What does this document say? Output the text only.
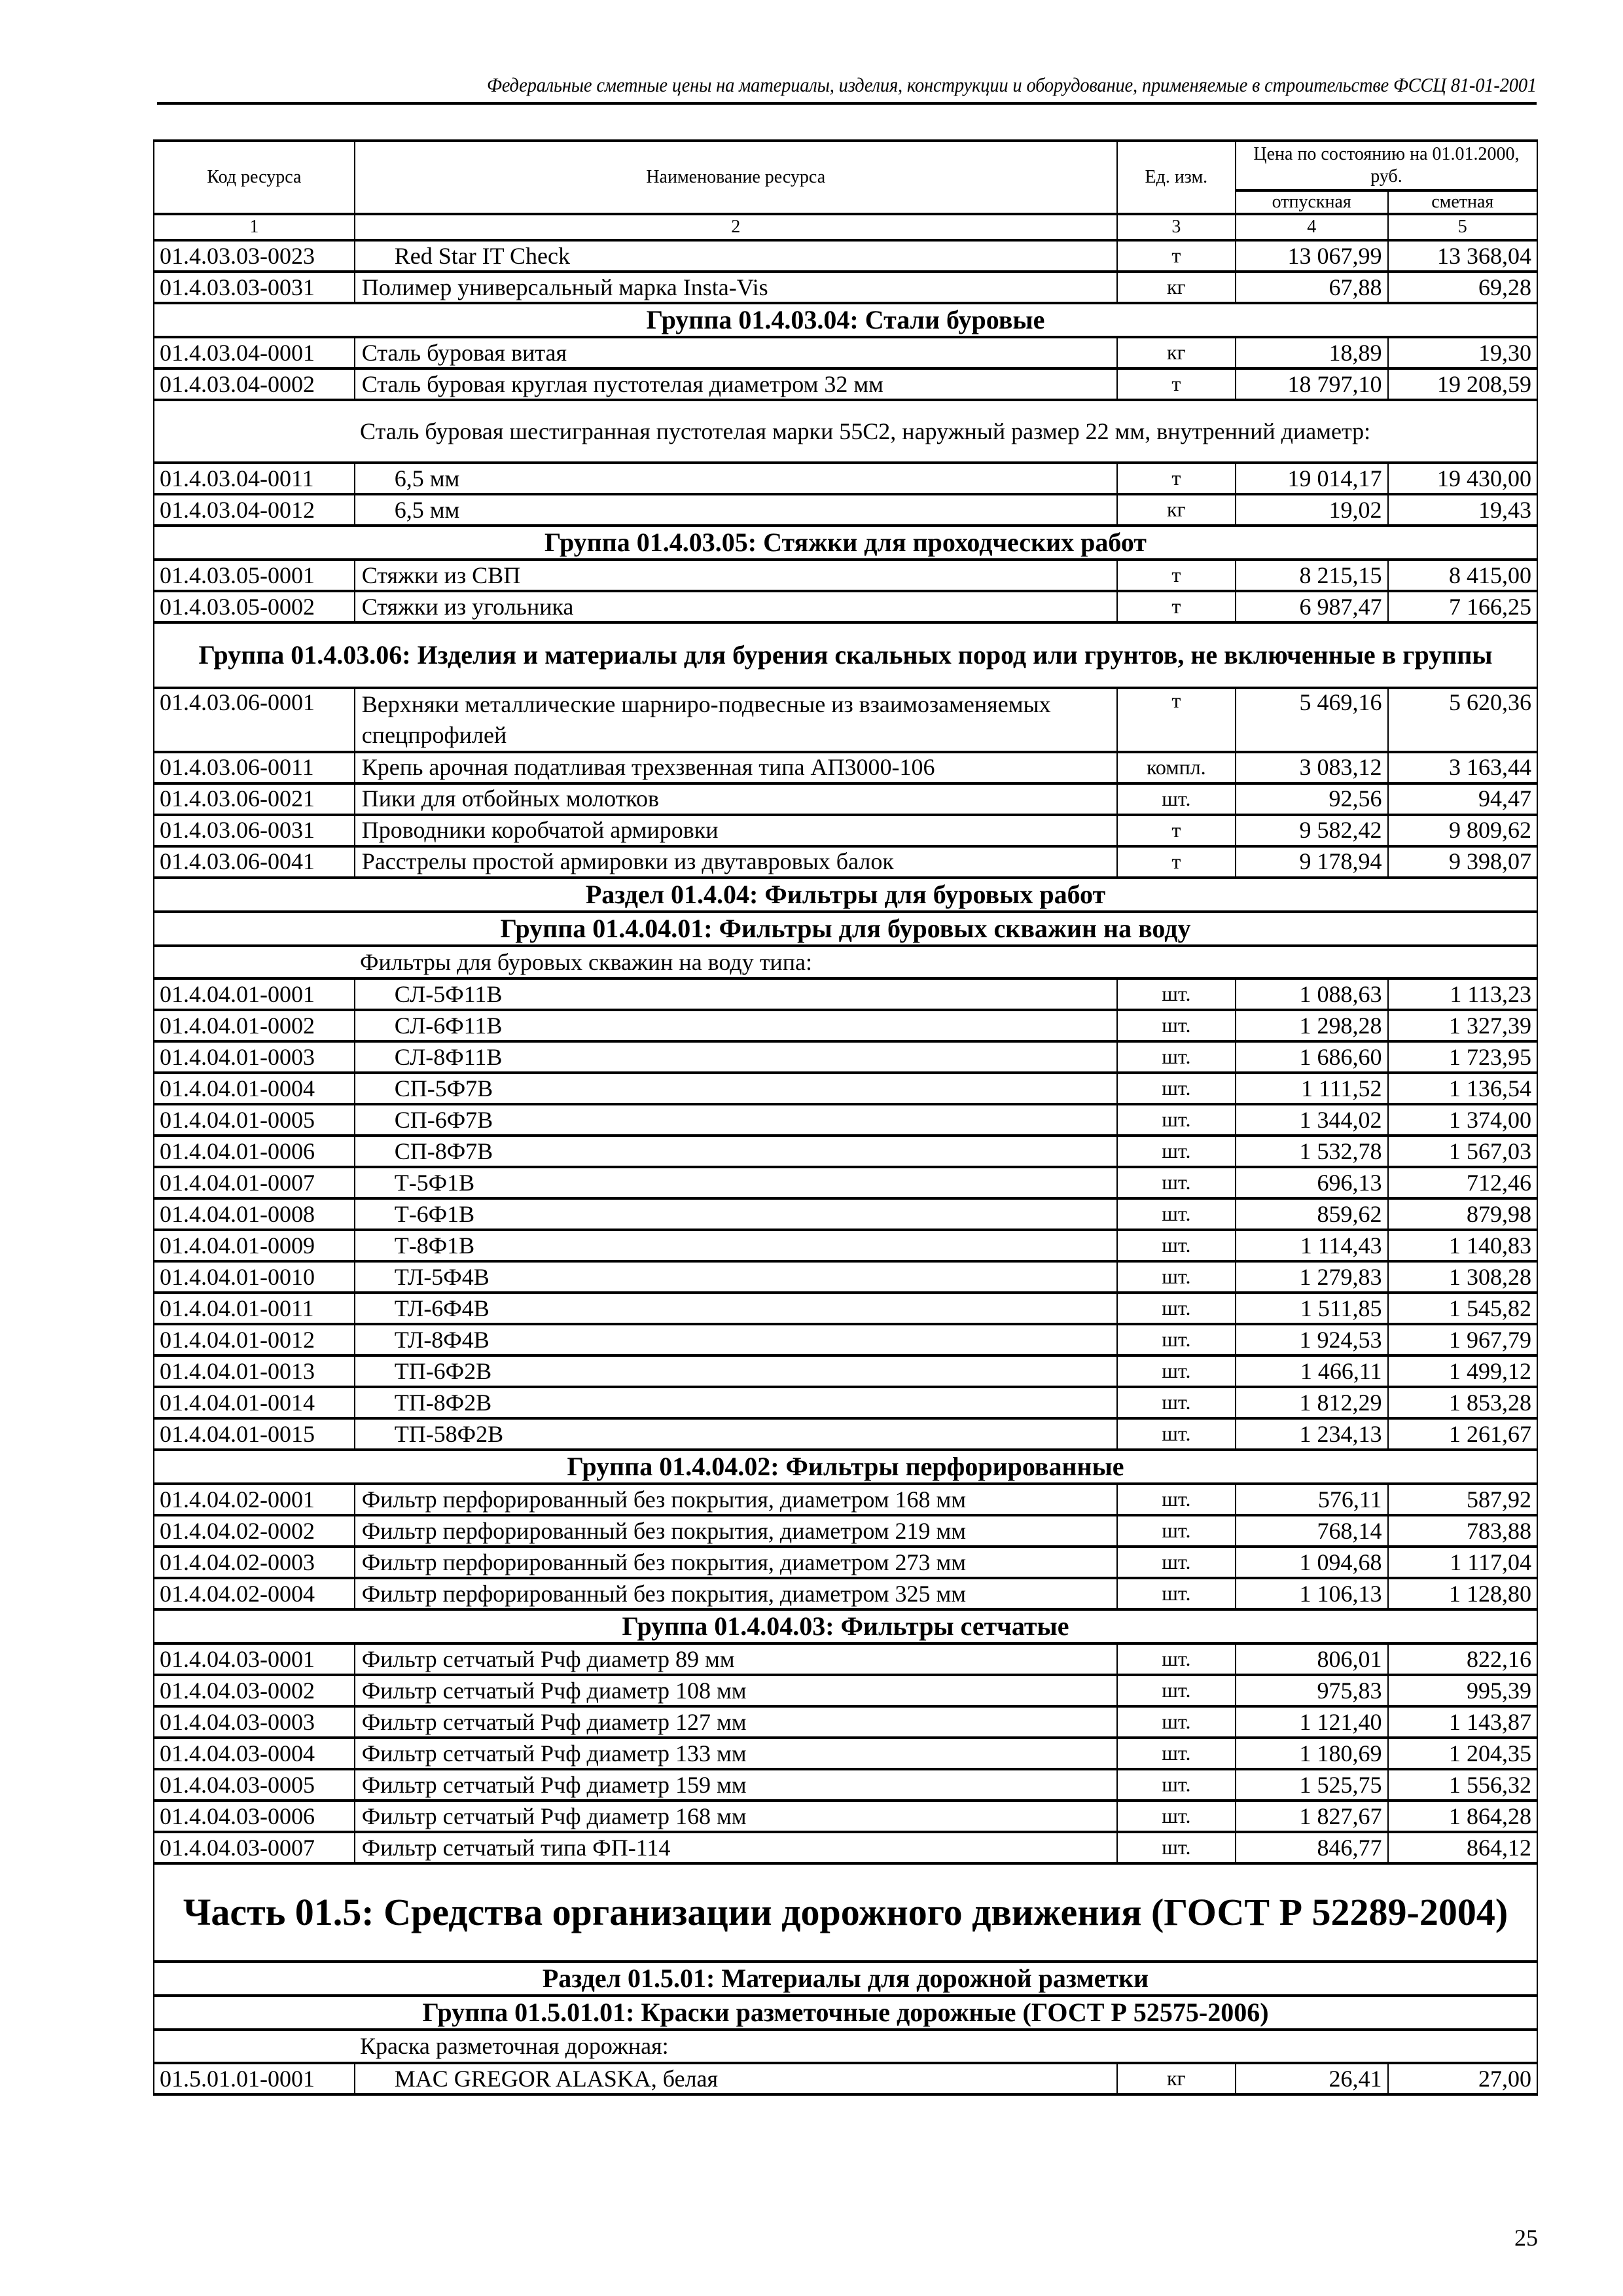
Федеральные сметные цены на материалы, изделия, конструкции и оборудование, применяемые в строительстве ФССЦ 81-01-2001
Код ресурса	Наименование ресурса	Ед. изм.	Цена по состоянию на 01.01.2000, руб.	
			отпускная	сметная
1	2	3	4	5
01.4.03.03-0023	Red Star IT Check	т	13 067,99	13 368,04
01.4.03.03-0031	Полимер универсальный марка Insta-Vis	кг	67,88	69,28
Группа 01.4.03.04: Стали буровые				
01.4.03.04-0001	Сталь буровая витая	кг	18,89	19,30
01.4.03.04-0002	Сталь буровая круглая пустотелая диаметром 32 мм	т	18 797,10	19 208,59

Сталь буровая шестигранная пустотелая марки 55С2, наружный размер 22 мм, внутренний диаметр:				

01.4.03.04-0011	6,5 мм	т	19 014,17	19 430,00
01.4.03.04-0012	6,5 мм	кг	19,02	19,43
Группа 01.4.03.05: Стяжки для проходческих работ				
01.4.03.05-0001	Стяжки из СВП	т	8 215,15	8 415,00
01.4.03.05-0002	Стяжки из угольника	т	6 987,47	7 166,25
Группа 01.4.03.06: Изделия и материалы для бурения скальных пород или грунтов, не включенные в группы				
01.4.03.06-0001	Верхняки металлические шарниро-подвесные из взаимозаменяемых спецпрофилей	т	5 469,16	5 620,36
01.4.03.06-0011	Крепь арочная податливая трехзвенная типа АП3000-106	компл.	3 083,12	3 163,44
01.4.03.06-0021	Пики для отбойных молотков	шт.	92,56	94,47
01.4.03.06-0031	Проводники коробчатой армировки	т	9 582,42	9 809,62
01.4.03.06-0041	Расстрелы простой армировки из двутавровых балок	т	9 178,94	9 398,07
Раздел 01.4.04: Фильтры для буровых работ				
Группа 01.4.04.01: Фильтры для буровых скважин на воду				

Фильтры для буровых скважин на воду типа:				

01.4.04.01-0001	СЛ-5Ф11В	шт.	1 088,63	1 113,23
01.4.04.01-0002	СЛ-6Ф11В	шт.	1 298,28	1 327,39
01.4.04.01-0003	СЛ-8Ф11В	шт.	1 686,60	1 723,95
01.4.04.01-0004	СП-5Ф7В	шт.	1 111,52	1 136,54
01.4.04.01-0005	СП-6Ф7В	шт.	1 344,02	1 374,00
01.4.04.01-0006	СП-8Ф7В	шт.	1 532,78	1 567,03
01.4.04.01-0007	Т-5Ф1В	шт.	696,13	712,46
01.4.04.01-0008	Т-6Ф1В	шт.	859,62	879,98
01.4.04.01-0009	Т-8Ф1В	шт.	1 114,43	1 140,83
01.4.04.01-0010	ТЛ-5Ф4В	шт.	1 279,83	1 308,28
01.4.04.01-0011	ТЛ-6Ф4В	шт.	1 511,85	1 545,82
01.4.04.01-0012	ТЛ-8Ф4В	шт.	1 924,53	1 967,79
01.4.04.01-0013	ТП-6Ф2В	шт.	1 466,11	1 499,12
01.4.04.01-0014	ТП-8Ф2В	шт.	1 812,29	1 853,28
01.4.04.01-0015	ТП-58Ф2В	шт.	1 234,13	1 261,67
Группа 01.4.04.02: Фильтры перфорированные				
01.4.04.02-0001	Фильтр перфорированный без покрытия, диаметром 168 мм	шт.	576,11	587,92
01.4.04.02-0002	Фильтр перфорированный без покрытия, диаметром 219 мм	шт.	768,14	783,88
01.4.04.02-0003	Фильтр перфорированный без покрытия, диаметром 273 мм	шт.	1 094,68	1 117,04
01.4.04.02-0004	Фильтр перфорированный без покрытия, диаметром 325 мм	шт.	1 106,13	1 128,80
Группа 01.4.04.03: Фильтры сетчатые				
01.4.04.03-0001	Фильтр сетчатый Рчф диаметр 89 мм	шт.	806,01	822,16
01.4.04.03-0002	Фильтр сетчатый Рчф диаметр 108 мм	шт.	975,83	995,39
01.4.04.03-0003	Фильтр сетчатый Рчф диаметр 127 мм	шт.	1 121,40	1 143,87
01.4.04.03-0004	Фильтр сетчатый Рчф диаметр 133 мм	шт.	1 180,69	1 204,35
01.4.04.03-0005	Фильтр сетчатый Рчф диаметр 159 мм	шт.	1 525,75	1 556,32
01.4.04.03-0006	Фильтр сетчатый Рчф диаметр 168 мм	шт.	1 827,67	1 864,28
01.4.04.03-0007	Фильтр сетчатый типа ФП-114	шт.	846,77	864,12
Часть 01.5: Средства организации дорожного движения (ГОСТ Р 52289-2004)				
Раздел 01.5.01: Материалы для дорожной разметки				
Группа 01.5.01.01: Краски разметочные дорожные (ГОСТ Р 52575-2006)				

Краска разметочная дорожная:				

01.5.01.01-0001	MAC GREGOR ALASKA, белая	кг	26,41	27,00
25
